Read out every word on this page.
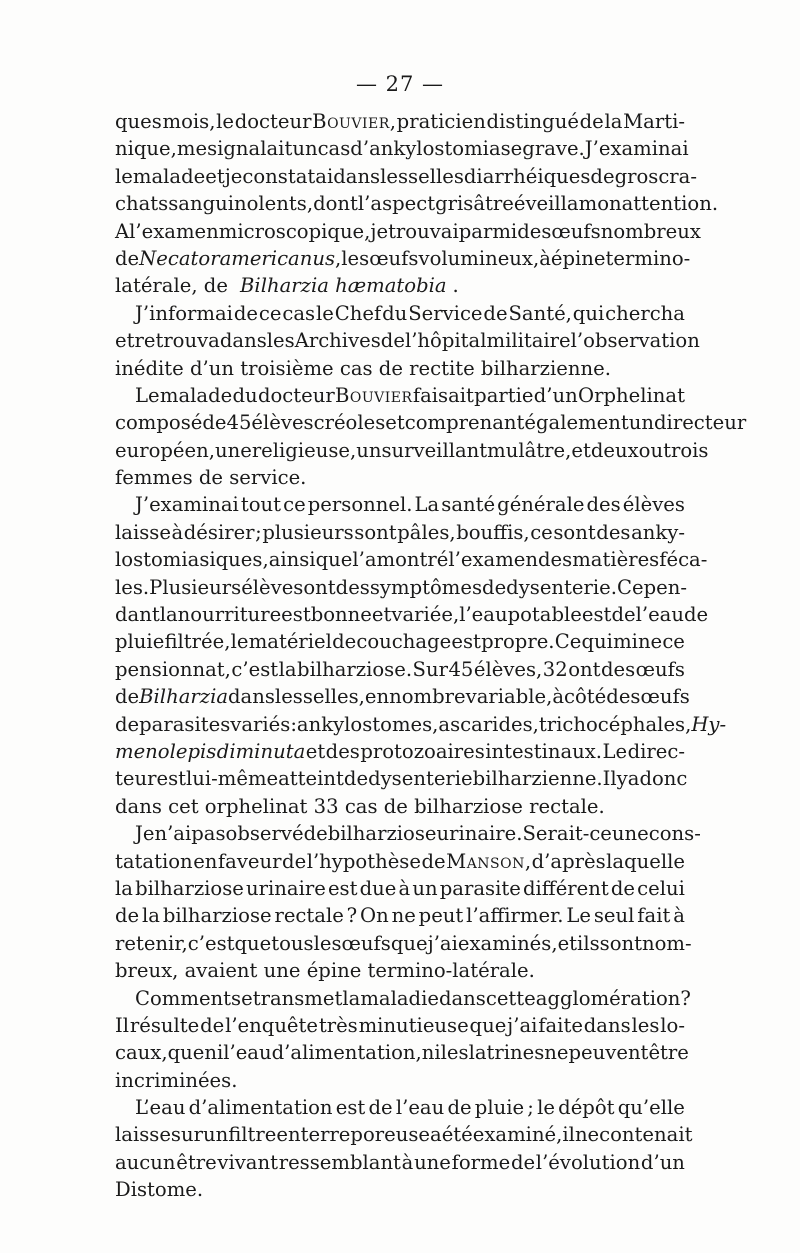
— 27 —
ques mois, le docteur Bouvier, praticien distingué de la Marti-
nique, me signalait un cas d’ankylostomiase grave. J’examinai
le malade et je constatai dans les selles diarrhéiques de gros cra-
chats sanguinolents, dont l’aspect grisâtre éveilla mon attention.
A l’examen microscopique, je trouvai parmi des œufs nombreux
de Necator americanus, les œufs volumineux, à épine termino-
latérale, de Bilharzia hæmatobia .
J’informai de ce cas le Chef du Service de Santé, qui chercha
et retrouva dans les Archives de l’hôpital militaire l’observation
inédite d’un troisième cas de rectite bilharzienne.
Le malade du docteur Bouvier faisait partie d’un Orphelinat
composé de 45 élèves créoles et comprenant également un directeur
européen, une religieuse, un surveillant mulâtre, et deux ou trois
femmes de service.
J’examinai tout ce personnel. La santé générale des élèves
laisse à désirer ; plusieurs sont pâles, bouffis, ce sont des anky-
lostomiasiques, ainsi que l’a montré l’examen des matières féca-
les. Plusieurs élèves ont des symptômes de dysenterie. Cepen-
dant la nourriture est bonne et variée, l’eau potable est de l’eau de
pluie filtrée, le matériel de couchage est propre. Ce qui mine ce
pensionnat, c’est la bilharziose. Sur 45 élèves, 32 ont des œufs
de Bilharzia dans les selles, en nombre variable, à côté des œufs
de parasites variés : ankylostomes, ascarides, trichocéphales, Hy-
menolepis diminuta et des protozoaires intestinaux. Le direc-
teur est lui-même atteint de dysenterie bilharzienne. Il y a donc
dans cet orphelinat 33 cas de bilharziose rectale.
Je n’ai pas observé de bilharziose urinaire. Serait-ce une cons-
tatation en faveur de l’hypothèse de Manson, d’après laquelle
la bilharziose urinaire est due à un parasite différent de celui
de la bilharziose rectale ? On ne peut l’affirmer. Le seul fait à
retenir, c’est que tous les œufs que j’ai examinés, et ils sont nom-
breux, avaient une épine termino-latérale.
Comment se transmet la maladie dans cette agglomération ?
Il résulte de l’enquête très minutieuse que j’ai faite dans les lo-
caux, que ni l’eau d’alimentation, ni les latrines ne peuvent être
incriminées.
L’eau d’alimentation est de l’eau de pluie ; le dépôt qu’elle
laisse sur un filtre en terre poreuse a été examiné, il ne contenait
aucun être vivant ressemblant à une forme de l’évolution d’un
Distome.
